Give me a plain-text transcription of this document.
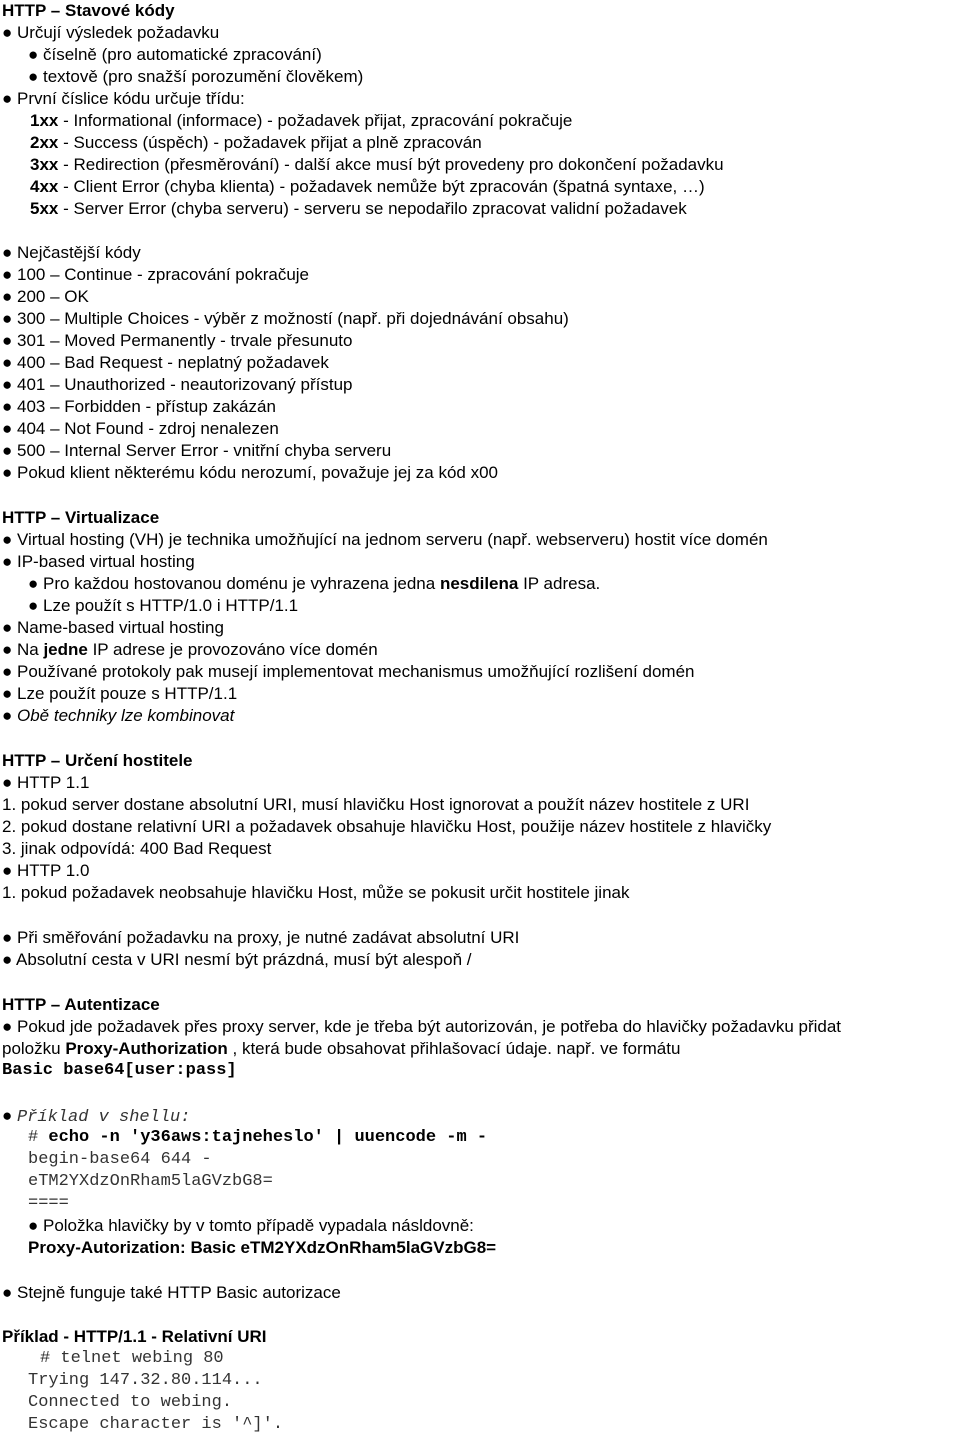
HTTP – Stavové kódy
● Určují výsledek požadavku
● číselně (pro automatické zpracování)
● textově (pro snažší porozumění člověkem)
● První číslice kódu určuje třídu:
1xx - Informational (informace) - požadavek přijat, zpracování pokračuje
2xx - Success (úspěch) - požadavek přijat a plně zpracován
3xx - Redirection (přesměrování) - další akce musí být provedeny pro dokončení požadavku
4xx - Client Error (chyba klienta) - požadavek nemůže být zpracován (špatná syntaxe, …)
5xx - Server Error (chyba serveru) - serveru se nepodařilo zpracovat validní požadavek
● Nejčastější kódy
● 100 – Continue - zpracování pokračuje
● 200 – OK
● 300 – Multiple Choices - výběr z možností (např. při dojednávání obsahu)
● 301 – Moved Permanently - trvale přesunuto
● 400 – Bad Request - neplatný požadavek
● 401 – Unauthorized - neautorizovaný přístup
● 403 – Forbidden - přístup zakázán
● 404 – Not Found - zdroj nenalezen
● 500 – Internal Server Error - vnitřní chyba serveru
● Pokud klient některému kódu nerozumí, považuje jej za kód x00
HTTP – Virtualizace
● Virtual hosting (VH) je technika umožňující na jednom serveru (např. webserveru) hostit více domén
● IP-based virtual hosting
● Pro každou hostovanou doménu je vyhrazena jedna nesdilena IP adresa.
● Lze použít s HTTP/1.0 i HTTP/1.1
● Name-based virtual hosting
● Na jedne IP adrese je provozováno více domén
● Používané protokoly pak musejí implementovat mechanismus umožňující rozlišení domén
● Lze použít pouze s HTTP/1.1
● Obě techniky lze kombinovat
HTTP – Určení hostitele
● HTTP 1.1
1. pokud server dostane absolutní URI, musí hlavičku Host ignorovat a použít název hostitele z URI
2. pokud dostane relativní URI a požadavek obsahuje hlavičku Host, použije název hostitele z hlavičky
3. jinak odpovídá: 400 Bad Request
● HTTP 1.0
1. pokud požadavek neobsahuje hlavičku Host, může se pokusit určit hostitele jinak
● Při směřování požadavku na proxy, je nutné zadávat absolutní URI
● Absolutní cesta v URI nesmí být prázdná, musí být alespoň /
HTTP – Autentizace
● Pokud jde požadavek přes proxy server, kde je třeba být autorizován, je potřeba do hlavičky požadavku přidat
položku Proxy-Authorization , která bude obsahovat přihlašovací údaje. např. ve formátu
Basic base64[user:pass]
● Příklad v shellu:
# echo -n 'y36aws:tajneheslo' | uuencode -m -
begin-base64 644 -
eTM2YXdzOnRham5laGVzbG8=
====
● Položka hlavičky by v tomto případě vypadala násldovně:
Proxy-Autorization: Basic eTM2YXdzOnRham5laGVzbG8=
● Stejně funguje také HTTP Basic autorizace
Příklad - HTTP/1.1 - Relativní URI
# telnet webing 80
Trying 147.32.80.114...
Connected to webing.
Escape character is '^]'.
